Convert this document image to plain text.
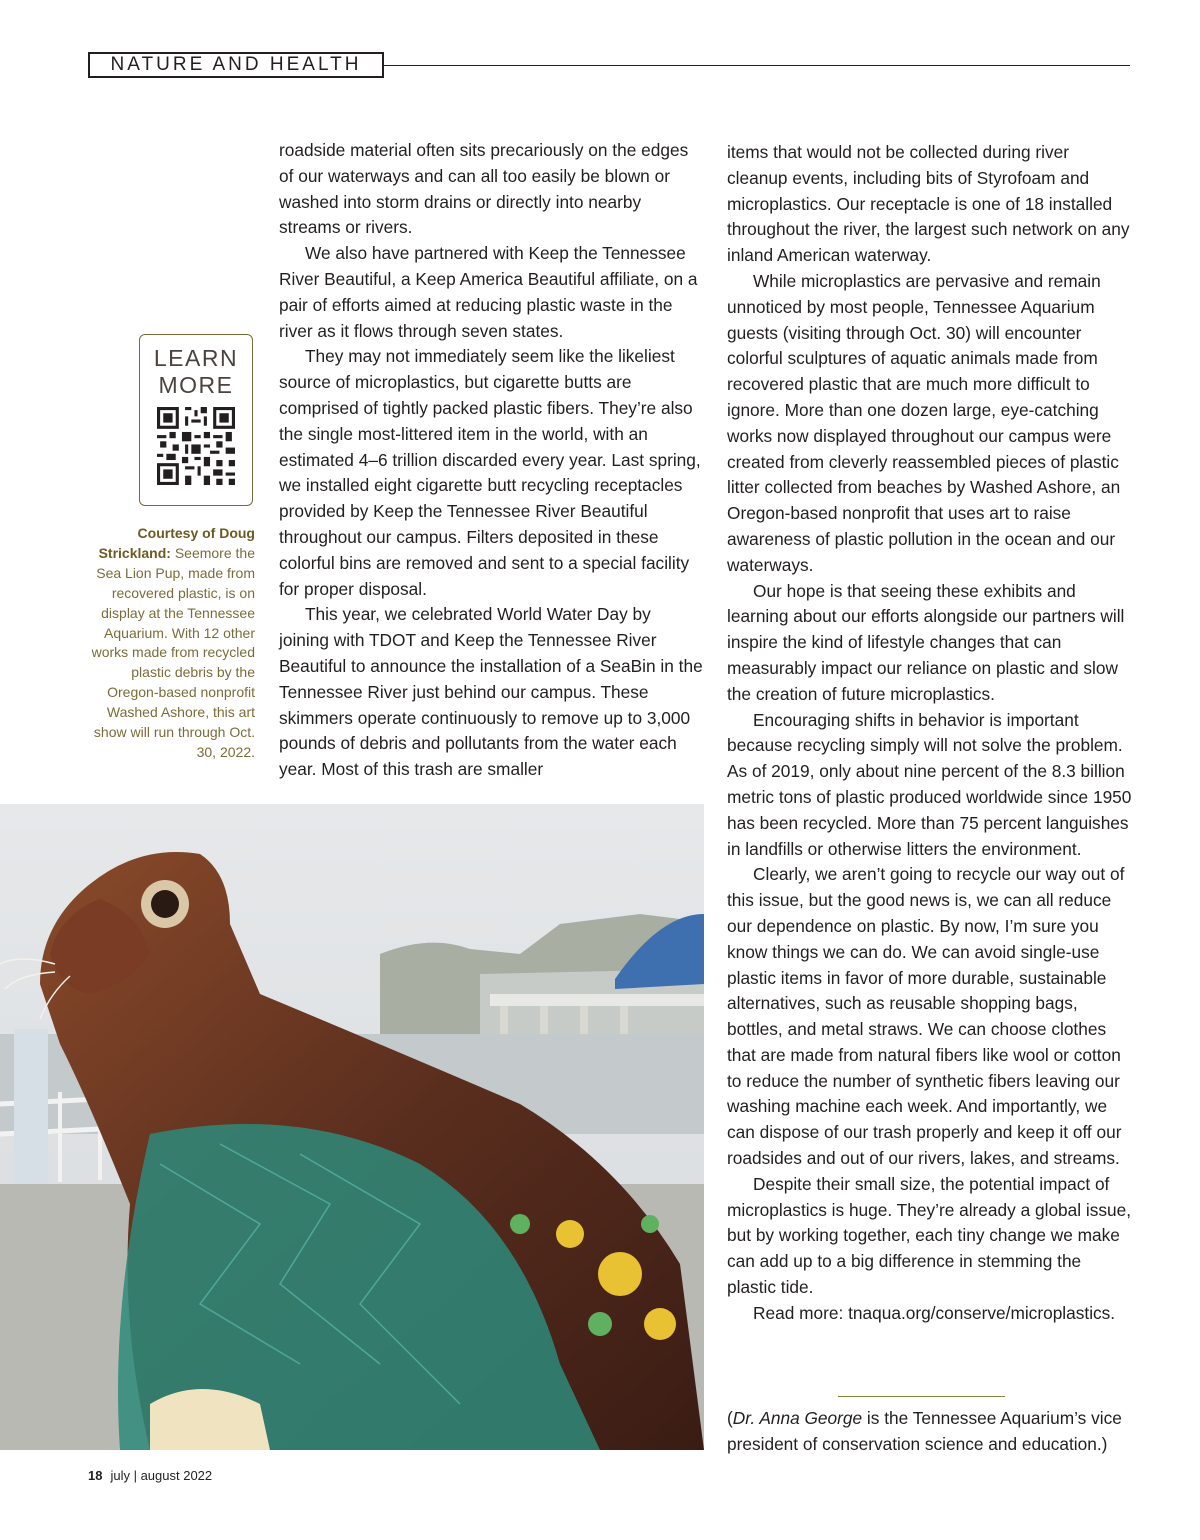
NATURE AND HEALTH
LEARN
MORE
Courtesy of Doug Strickland: Seemore the Sea Lion Pup, made from recovered plastic, is on display at the Tennessee Aquarium. With 12 other works made from recycled plastic debris by the Oregon-based nonprofit Washed Ashore, this art show will run through Oct. 30, 2022.

roadside material often sits precariously on the edges of our waterways and can all too easily be blown or washed into storm drains or directly into nearby streams or rivers.

We also have partnered with Keep the Tennessee River Beautiful, a Keep America Beautiful affiliate, on a pair of efforts aimed at reducing plastic waste in the river as it flows through seven states.

They may not immediately seem like the likeliest source of microplastics, but cigarette butts are comprised of tightly packed plastic fibers. They’re also the single most-littered item in the world, with an estimated 4–6 trillion discarded every year. Last spring, we installed eight cigarette butt recycling receptacles provided by Keep the Tennessee River Beautiful throughout our campus. Filters deposited in these colorful bins are removed and sent to a special facility for proper disposal.

This year, we celebrated World Water Day by joining with TDOT and Keep the Tennessee River Beautiful to announce the installation of a SeaBin in the Tennessee River just behind our campus. These skimmers operate continuously to remove up to 3,000 pounds of debris and pollutants from the water each year. Most of this trash are smaller

items that would not be collected during river cleanup events, including bits of Styrofoam and microplastics. Our receptacle is one of 18 installed throughout the river, the largest such network on any inland American waterway.

While microplastics are pervasive and remain unnoticed by most people, Tennessee Aquarium guests (visiting through Oct. 30) will encounter colorful sculptures of aquatic animals made from recovered plastic that are much more difficult to ignore. More than one dozen large, eye-catching works now displayed throughout our campus were created from cleverly reassembled pieces of plastic litter collected from beaches by Washed Ashore, an Oregon-based nonprofit that uses art to raise awareness of plastic pollution in the ocean and our waterways.

Our hope is that seeing these exhibits and learning about our efforts alongside our partners will inspire the kind of lifestyle changes that can measurably impact our reliance on plastic and slow the creation of future microplastics.

Encouraging shifts in behavior is important because recycling simply will not solve the problem. As of 2019, only about nine percent of the 8.3 billion metric tons of plastic produced worldwide since 1950 has been recycled. More than 75 percent languishes in landfills or otherwise litters the environment.

Clearly, we aren’t going to recycle our way out of this issue, but the good news is, we can all reduce our dependence on plastic. By now, I’m sure you know things we can do. We can avoid single-use plastic items in favor of more durable, sustainable alternatives, such as reusable shopping bags, bottles, and metal straws. We can choose clothes that are made from natural fibers like wool or cotton to reduce the number of synthetic fibers leaving our washing machine each week. And importantly, we can dispose of our trash properly and keep it off our roadsides and out of our rivers, lakes, and streams.

Despite their small size, the potential impact of microplastics is huge. They’re already a global issue, but by working together, each tiny change we make can add up to a big difference in stemming the plastic tide.

Read more: tnaqua.org/conserve/microplastics.

(Dr. Anna George is the Tennessee Aquarium’s vice president of conservation science and education.)
18 july | august 2022
